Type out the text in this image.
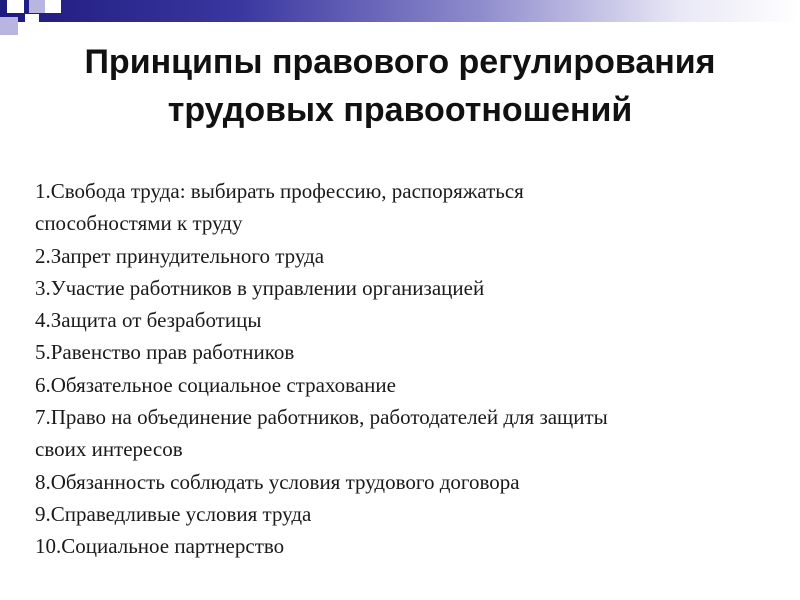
Принципы правового регулирования
трудовых правоотношений
1.Свобода труда: выбирать профессию, распоряжаться
способностями к труду
2.Запрет принудительного труда
3.Участие работников в управлении организацией
4.Защита от безработицы
5.Равенство прав работников
6.Обязательное социальное страхование
7.Право на объединение работников, работодателей для защиты
своих интересов
8.Обязанность соблюдать условия трудового договора
9.Справедливые условия труда
10.Социальное партнерство
